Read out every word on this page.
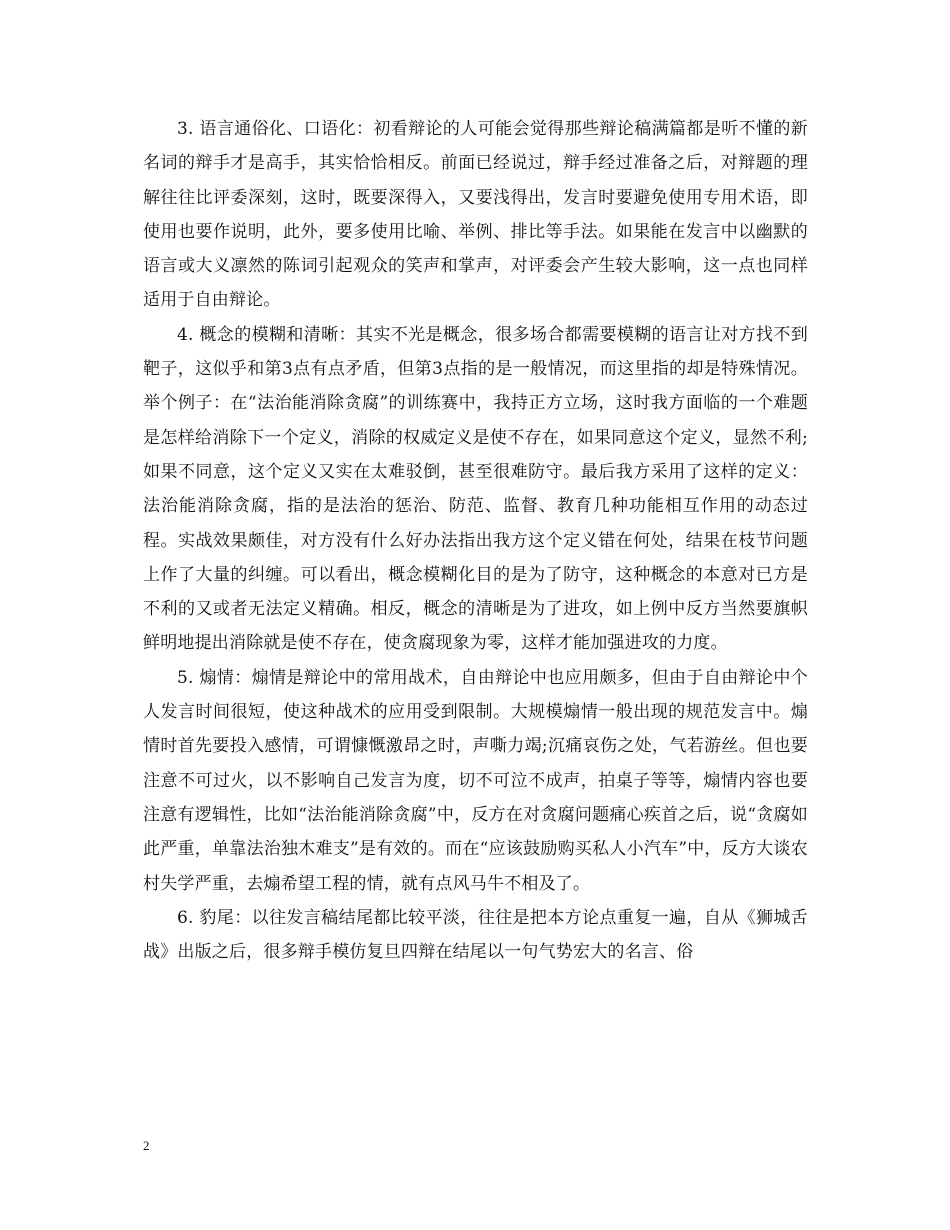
3. 语言通俗化、口语化：初看辩论的人可能会觉得那些辩论稿满篇都是听不懂的新名词的辩手才是高手，其实恰恰相反。前面已经说过，辩手经过准备之后，对辩题的理解往往比评委深刻，这时，既要深得入，又要浅得出，发言时要避免使用专用术语，即使用也要作说明，此外，要多使用比喻、举例、排比等手法。如果能在发言中以幽默的语言或大义凛然的陈词引起观众的笑声和掌声，对评委会产生较大影响，这一点也同样适用于自由辩论。

4. 概念的模糊和清晰：其实不光是概念，很多场合都需要模糊的语言让对方找不到靶子，这似乎和第3点有点矛盾，但第3点指的是一般情况，而这里指的却是特殊情况。举个例子：在“法治能消除贪腐”的训练赛中，我持正方立场，这时我方面临的一个难题是怎样给消除下一个定义，消除的权威定义是使不存在，如果同意这个定义，显然不利;如果不同意，这个定义又实在太难驳倒，甚至很难防守。最后我方采用了这样的定义：法治能消除贪腐，指的是法治的惩治、防范、监督、教育几种功能相互作用的动态过程。实战效果颇佳，对方没有什么好办法指出我方这个定义错在何处，结果在枝节问题上作了大量的纠缠。可以看出，概念模糊化目的是为了防守，这种概念的本意对已方是不利的又或者无法定义精确。相反，概念的清晰是为了进攻，如上例中反方当然要旗帜鲜明地提出消除就是使不存在，使贪腐现象为零，这样才能加强进攻的力度。

5. 煽情：煽情是辩论中的常用战术，自由辩论中也应用颇多，但由于自由辩论中个人发言时间很短，使这种战术的应用受到限制。大规模煽情一般出现的规范发言中。煽情时首先要投入感情，可谓慷慨激昂之时，声嘶力竭;沉痛哀伤之处，气若游丝。但也要注意不可过火，以不影响自己发言为度，切不可泣不成声，拍桌子等等，煽情内容也要注意有逻辑性，比如“法治能消除贪腐”中，反方在对贪腐问题痛心疾首之后，说“贪腐如此严重，单靠法治独木难支”是有效的。而在“应该鼓励购买私人小汽车”中，反方大谈农村失学严重，去煽希望工程的情，就有点风马牛不相及了。

6. 豹尾：以往发言稿结尾都比较平淡，往往是把本方论点重复一遍，自从《狮城舌战》出版之后，很多辩手模仿复旦四辩在结尾以一句气势宏大的名言、俗

2
